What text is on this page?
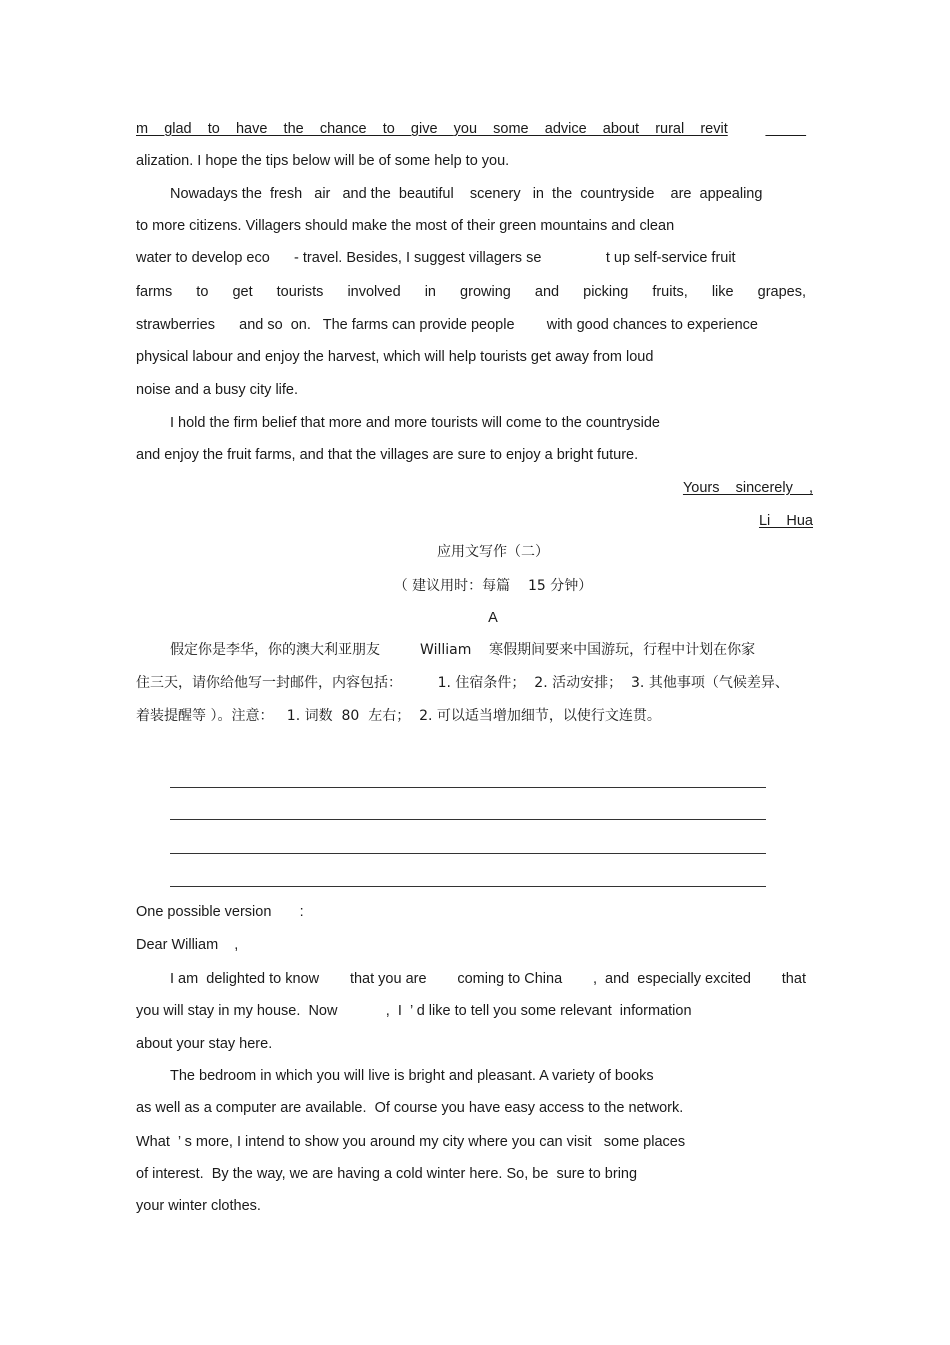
m__glad__to__have__the__chance__to__give__you__some__advice__about__rural__revit	_____
alization. I hope the tips below will be of some help to you.
Nowadays the  fresh   air   and the  beautiful    scenery   in  the  countryside    are  appealing
to more citizens. Villagers should make the most of their green mountains and clean
water to develop eco      - travel. Besides, I suggest villagers se                t up self-service fruit
farms to get tourists involved in growing and picking fruits, like grapes,
strawberries      and so  on.   The farms can provide people        with good chances to experience
physical labour and enjoy the harvest, which will help tourists get away from loud
noise and a busy city life.
I hold the firm belief that more and more tourists will come to the countryside
and enjoy the fruit farms, and that the villages are sure to enjoy a bright future.
Yours__sincerely    ,
Li__Hua
应用文写作（二）
（ 建议用时：每篇    15 分钟）
A
假定你是李华，你的澳大利亚朋友         William    寒假期间要来中国游玩，行程中计划在你家
住三天，请你给他写一封邮件，内容包括：        1. 住宿条件；  2. 活动安排；  3. 其他事项（气候差异、
着装提醒等 ）。注意：   1. 词数  80  左右；  2. 可以适当增加细节，以使行文连贯。
One possible version       :
Dear William    ,
I am  delighted to know that you are coming to China ,  and  especially excited that
you will stay in my house.  Now            ,  I  ’ d like to tell you some relevant  information
about your stay here.
The bedroom in which you will live is bright and pleasant. A variety of books
as well as a computer are available.  Of course you have easy access to the network.
What  ’ s more, I intend to show you around my city where you can visit   some places
of interest.  By the way, we are having a cold winter here. So, be  sure to bring
your winter clothes.
